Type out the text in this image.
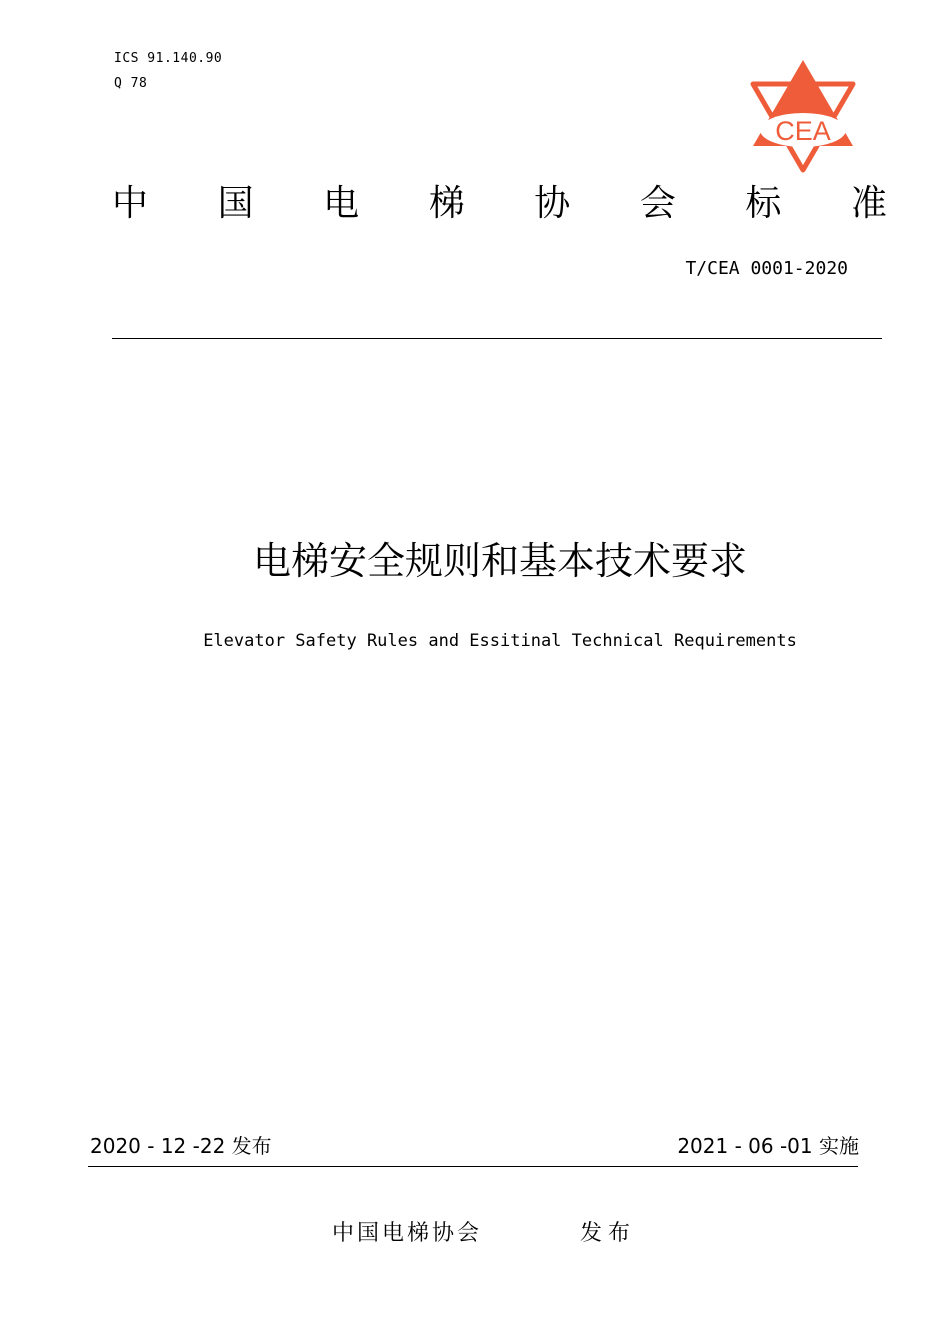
ICS 91.140.90
Q 78
CEA
中 国 电 梯 协 会 标 准
T/CEA 0001-2020
电梯安全规则和基本技术要求
Elevator Safety Rules and Essitinal Technical Requirements
2020 - 12 -22 发布	2021 - 06 -01 实施
中国电梯协会	发布
